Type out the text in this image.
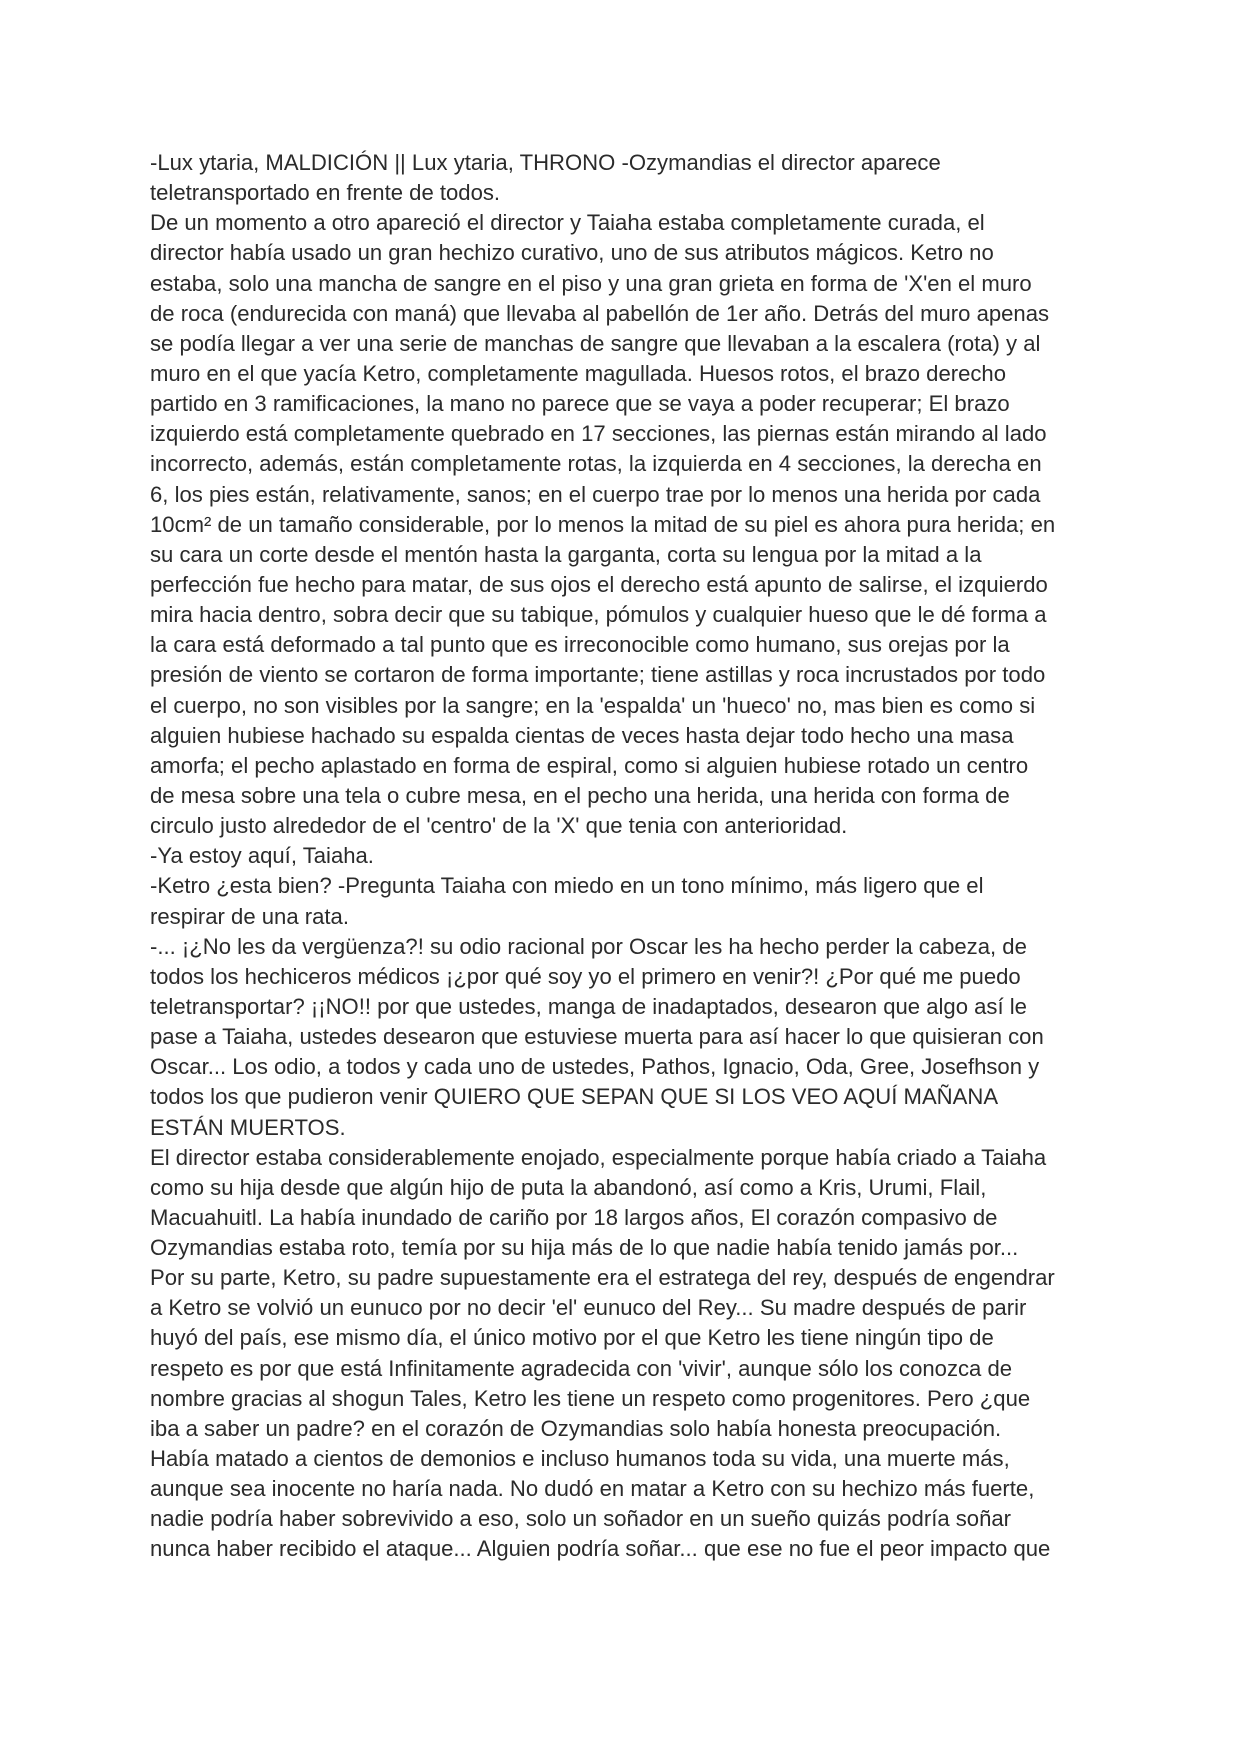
-Lux ytaria, MALDICIÓN || Lux ytaria, THRONO -Ozymandias el director aparece
teletransportado en frente de todos.
De un momento a otro apareció el director y Taiaha estaba completamente curada, el
director había usado un gran hechizo curativo, uno de sus atributos mágicos. Ketro no
estaba, solo una mancha de sangre en el piso y una gran grieta en forma de 'X'en el muro
de roca (endurecida con maná) que llevaba al pabellón de 1er año. Detrás del muro apenas
se podía llegar a ver una serie de manchas de sangre que llevaban a la escalera (rota) y al
muro en el que yacía Ketro, completamente magullada. Huesos rotos, el brazo derecho
partido en 3 ramificaciones, la mano no parece que se vaya a poder recuperar; El brazo
izquierdo está completamente quebrado en 17 secciones, las piernas están mirando al lado
incorrecto, además, están completamente rotas, la izquierda en 4 secciones, la derecha en
6, los pies están, relativamente, sanos; en el cuerpo trae por lo menos una herida por cada
10cm² de un tamaño considerable, por lo menos la mitad de su piel es ahora pura herida; en
su cara un corte desde el mentón hasta la garganta, corta su lengua por la mitad a la
perfección fue hecho para matar, de sus ojos el derecho está apunto de salirse, el izquierdo
mira hacia dentro, sobra decir que su tabique, pómulos y cualquier hueso que le dé forma a
la cara está deformado a tal punto que es irreconocible como humano, sus orejas por la
presión de viento se cortaron de forma importante; tiene astillas y roca incrustados por todo
el cuerpo, no son visibles por la sangre; en la 'espalda' un 'hueco' no, mas bien es como si
alguien hubiese hachado su espalda cientas de veces hasta dejar todo hecho una masa
amorfa; el pecho aplastado en forma de espiral, como si alguien hubiese rotado un centro
de mesa sobre una tela o cubre mesa, en el pecho una herida, una herida con forma de
circulo justo alrededor de el 'centro' de la 'X' que tenia con anterioridad.
-Ya estoy aquí, Taiaha.
-Ketro ¿esta bien? -Pregunta Taiaha con miedo en un tono mínimo, más ligero que el
respirar de una rata.
-... ¡¿No les da vergüenza?! su odio racional por Oscar les ha hecho perder la cabeza, de
todos los hechiceros médicos ¡¿por qué soy yo el primero en venir?! ¿Por qué me puedo
teletransportar? ¡¡NO!! por que ustedes, manga de inadaptados, desearon que algo así le
pase a Taiaha, ustedes desearon que estuviese muerta para así hacer lo que quisieran con
Oscar... Los odio, a todos y cada uno de ustedes, Pathos, Ignacio, Oda, Gree, Josefhson y
todos los que pudieron venir QUIERO QUE SEPAN QUE SI LOS VEO AQUÍ MAÑANA
ESTÁN MUERTOS.
El director estaba considerablemente enojado, especialmente porque había criado a Taiaha
como su hija desde que algún hijo de puta la abandonó, así como a Kris, Urumi, Flail,
Macuahuitl. La había inundado de cariño por 18 largos años, El corazón compasivo de
Ozymandias estaba roto, temía por su hija más de lo que nadie había tenido jamás por...
Por su parte, Ketro, su padre supuestamente era el estratega del rey, después de engendrar
a Ketro se volvió un eunuco por no decir 'el' eunuco del Rey... Su madre después de parir
huyó del país, ese mismo día, el único motivo por el que Ketro les tiene ningún tipo de
respeto es por que está Infinitamente agradecida con 'vivir', aunque sólo los conozca de
nombre gracias al shogun Tales, Ketro les tiene un respeto como progenitores. Pero ¿que
iba a saber un padre? en el corazón de Ozymandias solo había honesta preocupación.
Había matado a cientos de demonios e incluso humanos toda su vida, una muerte más,
aunque sea inocente no haría nada. No dudó en matar a Ketro con su hechizo más fuerte,
nadie podría haber sobrevivido a eso, solo un soñador en un sueño quizás podría soñar
nunca haber recibido el ataque... Alguien podría soñar... que ese no fue el peor impacto que
